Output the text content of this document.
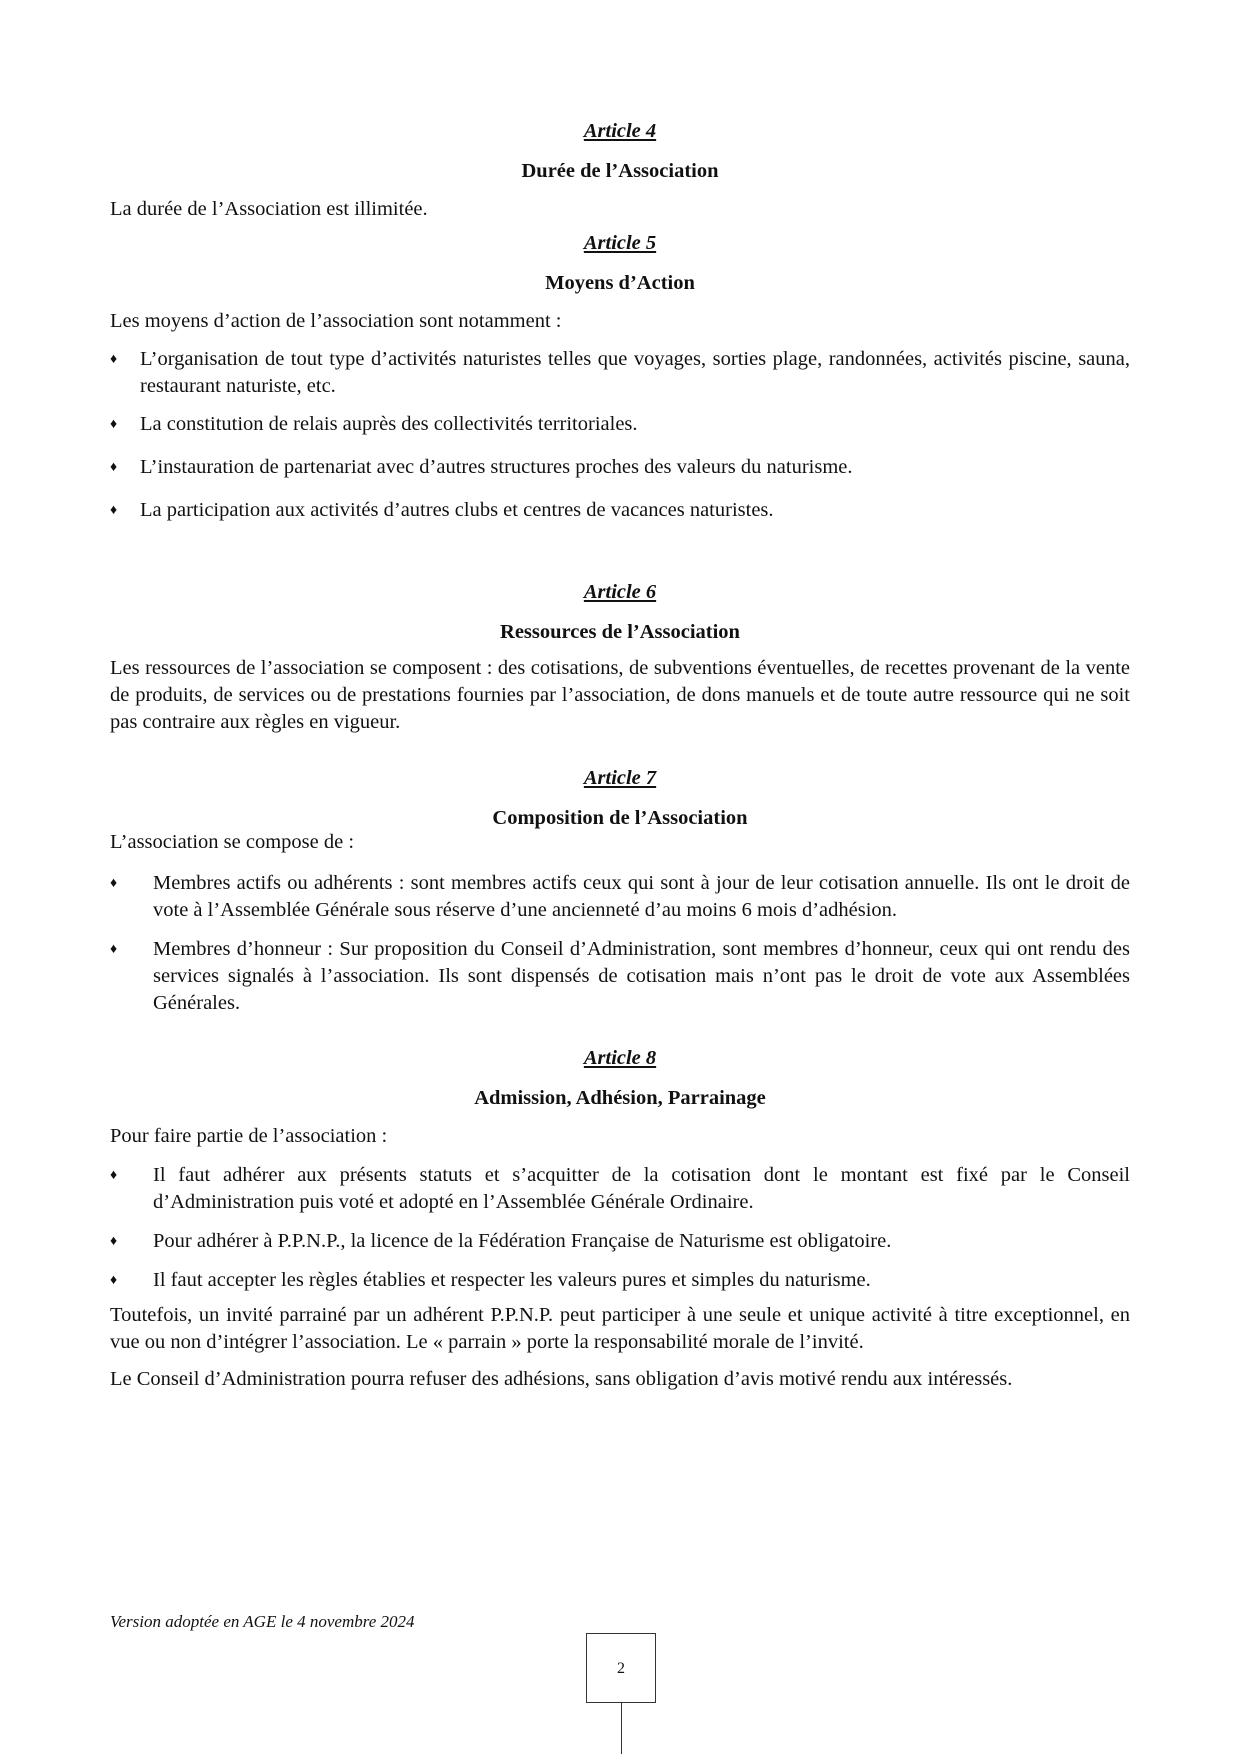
Article 4
Durée de l’Association

La durée de l’Association est illimitée.

Article 5
Moyens d’Action

Les moyens d’action de l’association sont notamment :

♦ L’organisation de tout type d’activités naturistes telles que voyages, sorties plage, randonnées, activités piscine, sauna, restaurant naturiste, etc.
♦ La constitution de relais auprès des collectivités territoriales.
♦ L’instauration de partenariat avec d’autres structures proches des valeurs du naturisme.
♦ La participation aux activités d’autres clubs et centres de vacances naturistes.
Article 6
Ressources de l’Association

Les ressources de l’association se composent : des cotisations, de subventions éventuelles, de recettes provenant de la vente de produits, de services ou de prestations fournies par l’association, de dons manuels et de toute autre ressource qui ne soit pas contraire aux règles en vigueur.

Article 7
Composition de l’Association

L’association se compose de :

♦ Membres actifs ou adhérents : sont membres actifs ceux qui sont à jour de leur cotisation annuelle. Ils ont le droit de vote à l’Assemblée Générale sous réserve d’une ancienneté d’au moins 6 mois d’adhésion.
♦ Membres d’honneur : Sur proposition du Conseil d’Administration, sont membres d’honneur, ceux qui ont rendu des services signalés à l’association. Ils sont dispensés de cotisation mais n’ont pas le droit de vote aux Assemblées Générales.
Article 8
Admission, Adhésion, Parrainage

Pour faire partie de l’association :

♦ Il faut adhérer aux présents statuts et s’acquitter de la cotisation dont le montant est fixé par le Conseil d’Administration puis voté et adopté en l’Assemblée Générale Ordinaire.
♦ Pour adhérer à P.P.N.P., la licence de la Fédération Française de Naturisme est obligatoire.
♦ Il faut accepter les règles établies et respecter les valeurs pures et simples du naturisme.

Toutefois, un invité parrainé par un adhérent P.P.N.P. peut participer à une seule et unique activité à titre exceptionnel, en vue ou non d’intégrer l’association. Le « parrain » porte la responsabilité morale de l’invité.

Le Conseil d’Administration pourra refuser des adhésions, sans obligation d’avis motivé rendu aux intéressés.

Version adoptée en AGE le 4 novembre 2024
2
